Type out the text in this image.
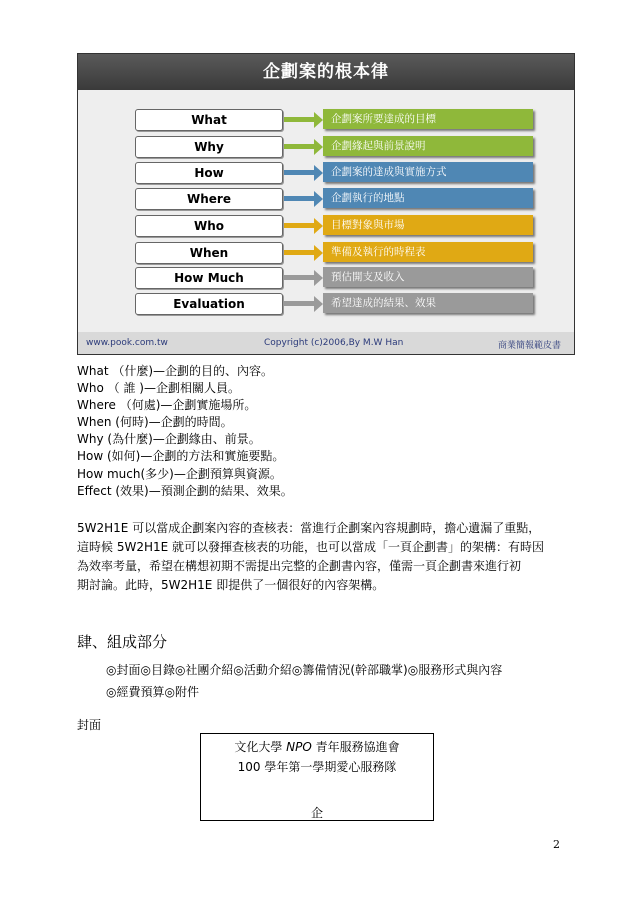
企劃案的根本律
What	企劃案所要達成的目標
Why	企劃緣起與前景說明
How	企劃案的達成與實施方式
Where	企劃執行的地點
Who	目標對象與市場
When	準備及執行的時程表
How Much	預估開支及收入
Evaluation	希望達成的結果、效果
www.pook.com.tw	Copyright (c)2006,By M.W Han	商業簡報範皮書
What （什麼)—企劃的目的、內容。
Who （ 誰 )—企劃相關人員。
Where （何處)—企劃實施場所。
When (何時)—企劃的時間。
Why (為什麼)—企劃緣由、前景。
How (如何)—企劃的方法和實施要點。
How much(多少)—企劃預算與資源。
Effect (效果)—預測企劃的結果、效果。
5W2H1E 可以當成企劃案內容的查核表：當進行企劃案內容規劃時，擔心遺漏了重點，
這時候 5W2H1E 就可以發揮查核表的功能，也可以當成「一頁企劃書」的架構：有時因
為效率考量，希望在構想初期不需提出完整的企劃書內容，僅需一頁企劃書來進行初
期討論。此時，5W2H1E 即提供了一個很好的內容架構。
肆、組成部分
◎封面◎目錄◎社團介紹◎活動介紹◎籌備情況(幹部職掌)◎服務形式與內容
◎經費預算◎附件
封面
文化大學 NPO 青年服務協進會
100 學年第一學期愛心服務隊
企
2
